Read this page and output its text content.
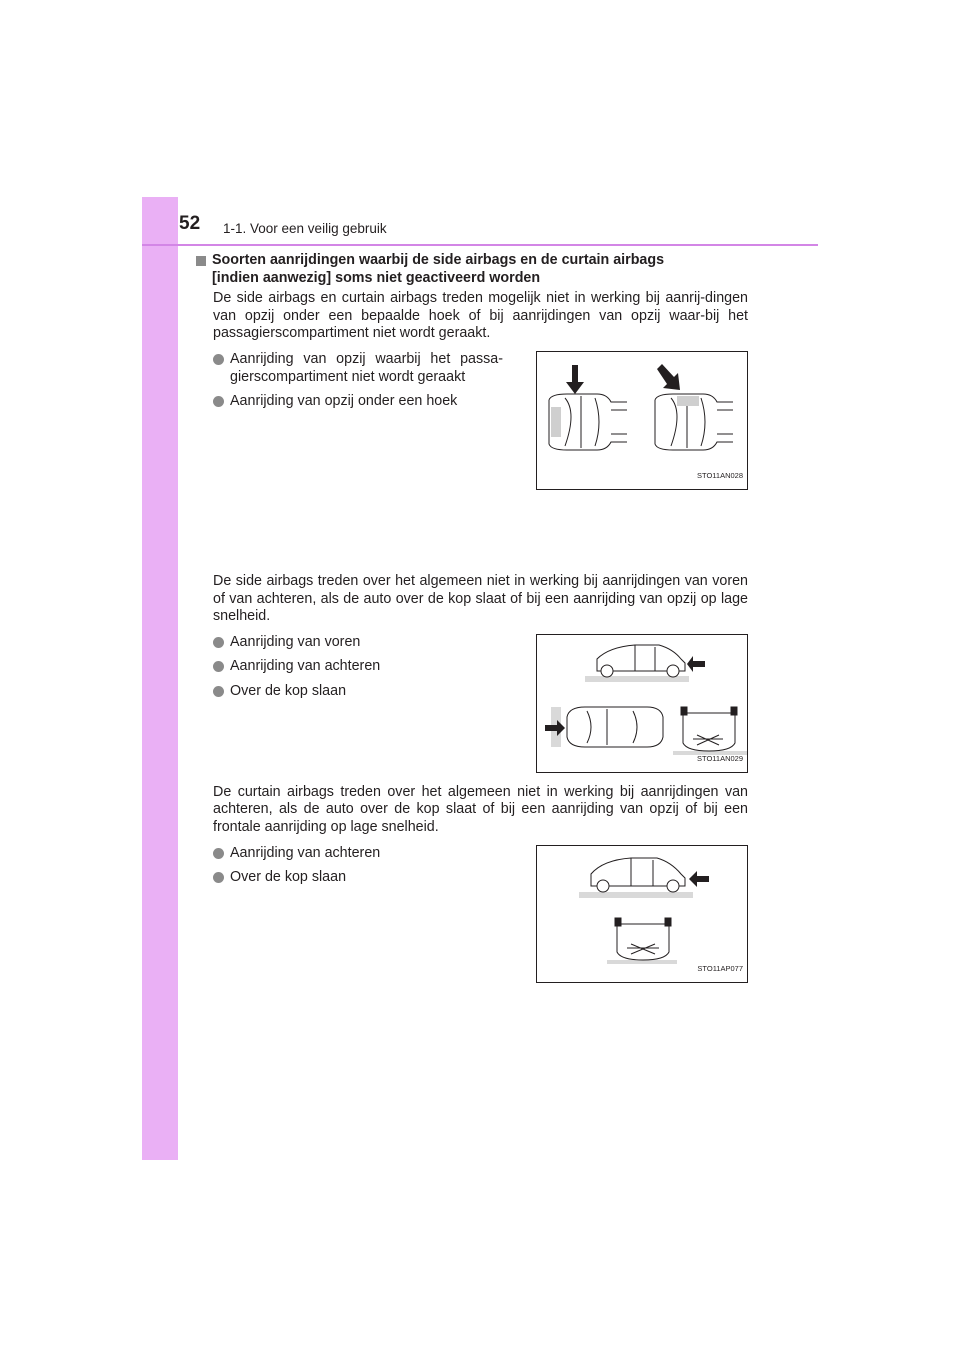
52 1-1. Voor een veilig gebruik
Soorten aanrijdingen waarbij de side airbags en de curtain airbags
[indien aanwezig] soms niet geactiveerd worden

De side airbags en curtain airbags treden mogelijk niet in werking bij aanrij-dingen van opzij onder een bepaalde hoek of bij aanrijdingen van opzij waar-bij het passagierscompartiment niet wordt geraakt.

Aanrijding van opzij waarbij het passa-gierscompartiment niet wordt geraakt
Aanrijding van opzij onder een hoek
STO11AN028

De side airbags treden over het algemeen niet in werking bij aanrijdingen van voren of van achteren, als de auto over de kop slaat of bij een aanrijding van opzij op lage snelheid.

Aanrijding van voren
Aanrijding van achteren
Over de kop slaan
STO11AN029

De curtain airbags treden over het algemeen niet in werking bij aanrijdingen van achteren, als de auto over de kop slaat of bij een aanrijding van opzij of bij een frontale aanrijding op lage snelheid.

Aanrijding van achteren
Over de kop slaan
STO11AP077
